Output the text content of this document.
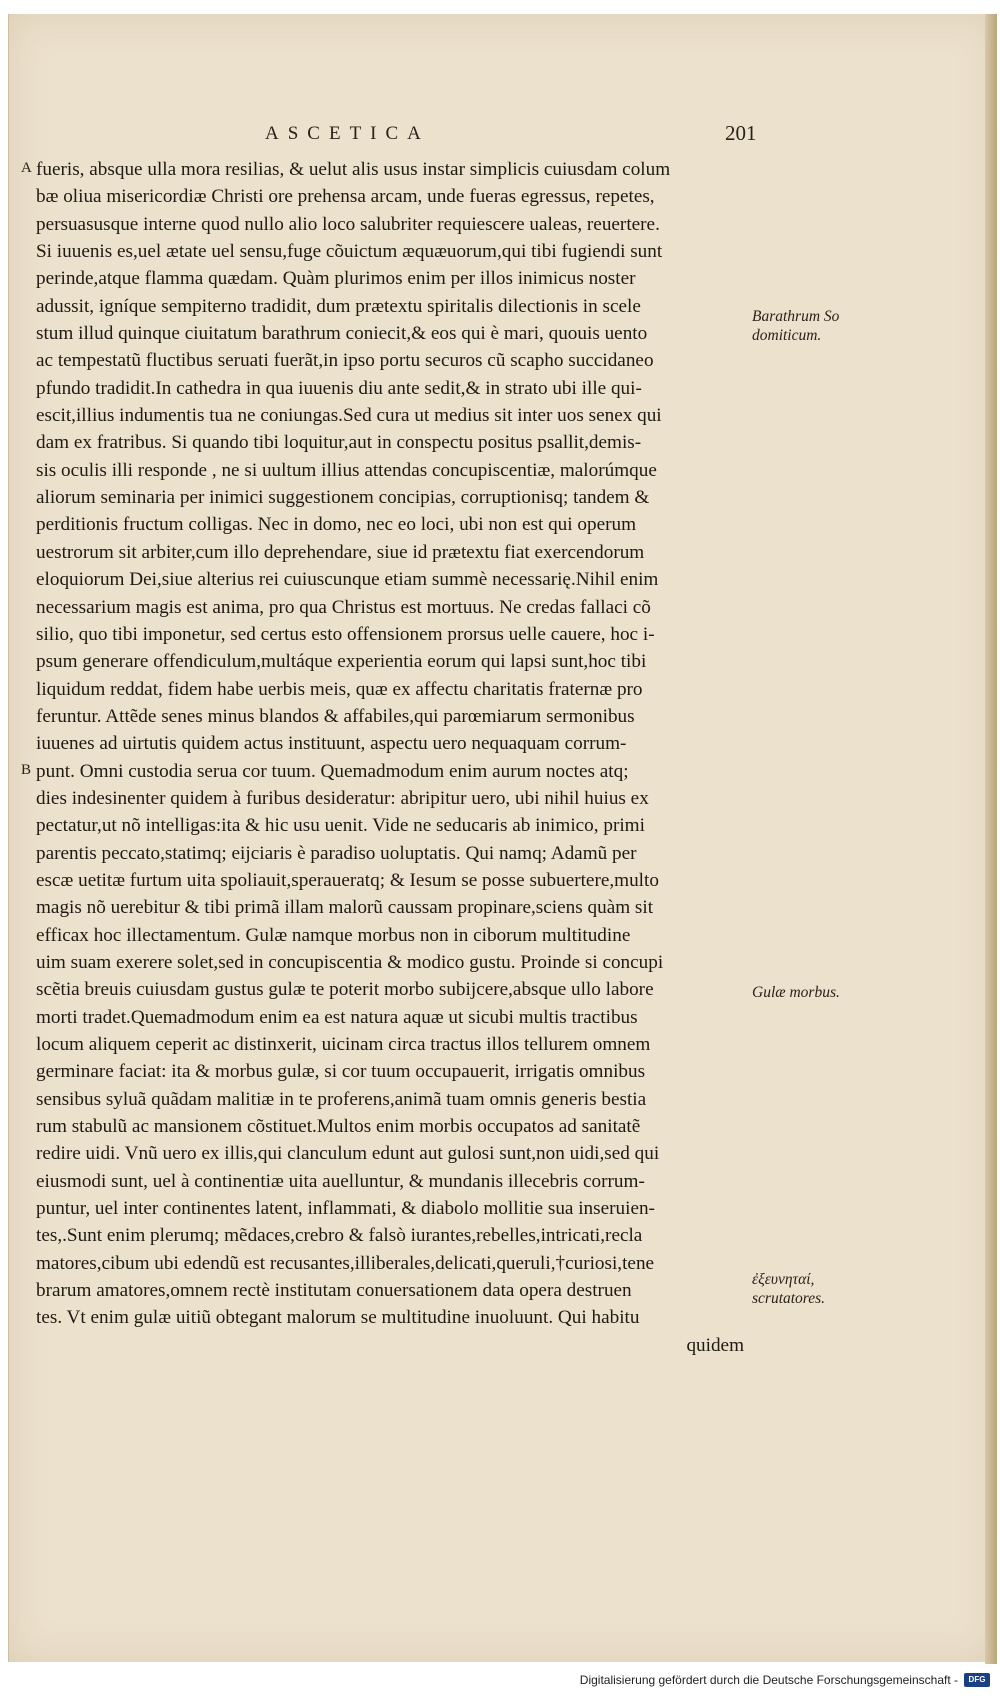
ASCETICA	201
A
B
fueris, absque ulla mora resilias, & uelut alis usus instar simplicis cuiusdam colum
bæ oliua misericordiæ Christi ore prehensa arcam, unde fueras egressus, repetes,
persuasusque interne quod nullo alio loco salubriter requiescere ualeas, reuertere.
Si iuuenis es,uel ætate uel sensu,fuge cõuictum æquæuorum,qui tibi fugiendi sunt
perinde,atque flamma quædam. Quàm plurimos enim per illos inimicus noster
adussit, igníque sempiterno tradidit, dum prætextu spiritalis dilectionis in scele
stum illud quinque ciuitatum barathrum coniecit,& eos qui è mari, quouis uento
ac tempestatũ fluctibus seruati fuerãt,in ipso portu securos cũ scapho succidaneo
pfundo tradidit.In cathedra in qua iuuenis diu ante sedit,& in strato ubi ille qui-
escit,illius indumentis tua ne coniungas.Sed cura ut medius sit inter uos senex qui
dam ex fratribus. Si quando tibi loquitur,aut in conspectu positus psallit,demis-
sis oculis illi responde , ne si uultum illius attendas concupiscentiæ, malorúmque
aliorum seminaria per inimici suggestionem concipias, corruptionisq; tandem &
perditionis fructum colligas. Nec in domo, nec eo loci, ubi non est qui operum
uestrorum sit arbiter,cum illo deprehendare, siue id prætextu fiat exercendorum
eloquiorum Dei,siue alterius rei cuiuscunque etiam summè necessarię.Nihil enim
necessarium magis est anima, pro qua Christus est mortuus. Ne credas fallaci cõ
silio, quo tibi imponetur, sed certus esto offensionem prorsus uelle cauere, hoc i-
psum generare offendiculum,multáque experientia eorum qui lapsi sunt,hoc tibi
liquidum reddat, fidem habe uerbis meis, quæ ex affectu charitatis fraternæ pro
feruntur. Attẽde senes minus blandos & affabiles,qui parœmiarum sermonibus
iuuenes ad uirtutis quidem actus instituunt, aspectu uero nequaquam corrum-
punt. Omni custodia serua cor tuum. Quemadmodum enim aurum noctes atq;
dies indesinenter quidem à furibus desideratur: abripitur uero, ubi nihil huius ex
pectatur,ut nõ intelligas:ita & hic usu uenit. Vide ne seducaris ab inimico, primi
parentis peccato,statimq; eijciaris è paradiso uoluptatis. Qui namq; Adamũ per
escæ uetitæ furtum uita spoliauit,speraueratq; & Iesum se posse subuertere,multo
magis nõ uerebitur & tibi primã illam malorũ caussam propinare,sciens quàm sit
efficax hoc illectamentum. Gulæ namque morbus non in ciborum multitudine
uim suam exerere solet,sed in concupiscentia & modico gustu. Proinde si concupi
scẽtia breuis cuiusdam gustus gulæ te poterit morbo subijcere,absque ullo labore
morti tradet.Quemadmodum enim ea est natura aquæ ut sicubi multis tractibus
locum aliquem ceperit ac distinxerit, uicinam circa tractus illos tellurem omnem
germinare faciat: ita & morbus gulæ, si cor tuum occupauerit, irrigatis omnibus
sensibus syluã quãdam malitiæ in te proferens,animã tuam omnis generis bestia
rum stabulũ ac mansionem cõstituet.Multos enim morbis occupatos ad sanitatẽ
redire uidi. Vnũ uero ex illis,qui clanculum edunt aut gulosi sunt,non uidi,sed qui
eiusmodi sunt, uel à continentiæ uita auelluntur, & mundanis illecebris corrum-
puntur, uel inter continentes latent, inflammati, & diabolo mollitie sua inseruien-
tes,.Sunt enim plerumq; mẽdaces,crebro & falsò iurantes,rebelles,intricati,recla
matores,cibum ubi edendũ est recusantes,illiberales,delicati,queruli,†curiosi,tene
brarum amatores,omnem rectè institutam conuersationem data opera destruen
tes. Vt enim gulæ uitiũ obtegant malorum se multitudine inuoluunt. Qui habitu
quidem
Barathrum So
domiticum.
Gulæ morbus.
ἐξευνηταί,
scrutatores.
Digitalisierung gefördert durch die Deutsche Forschungsgemeinschaft -	DFG
